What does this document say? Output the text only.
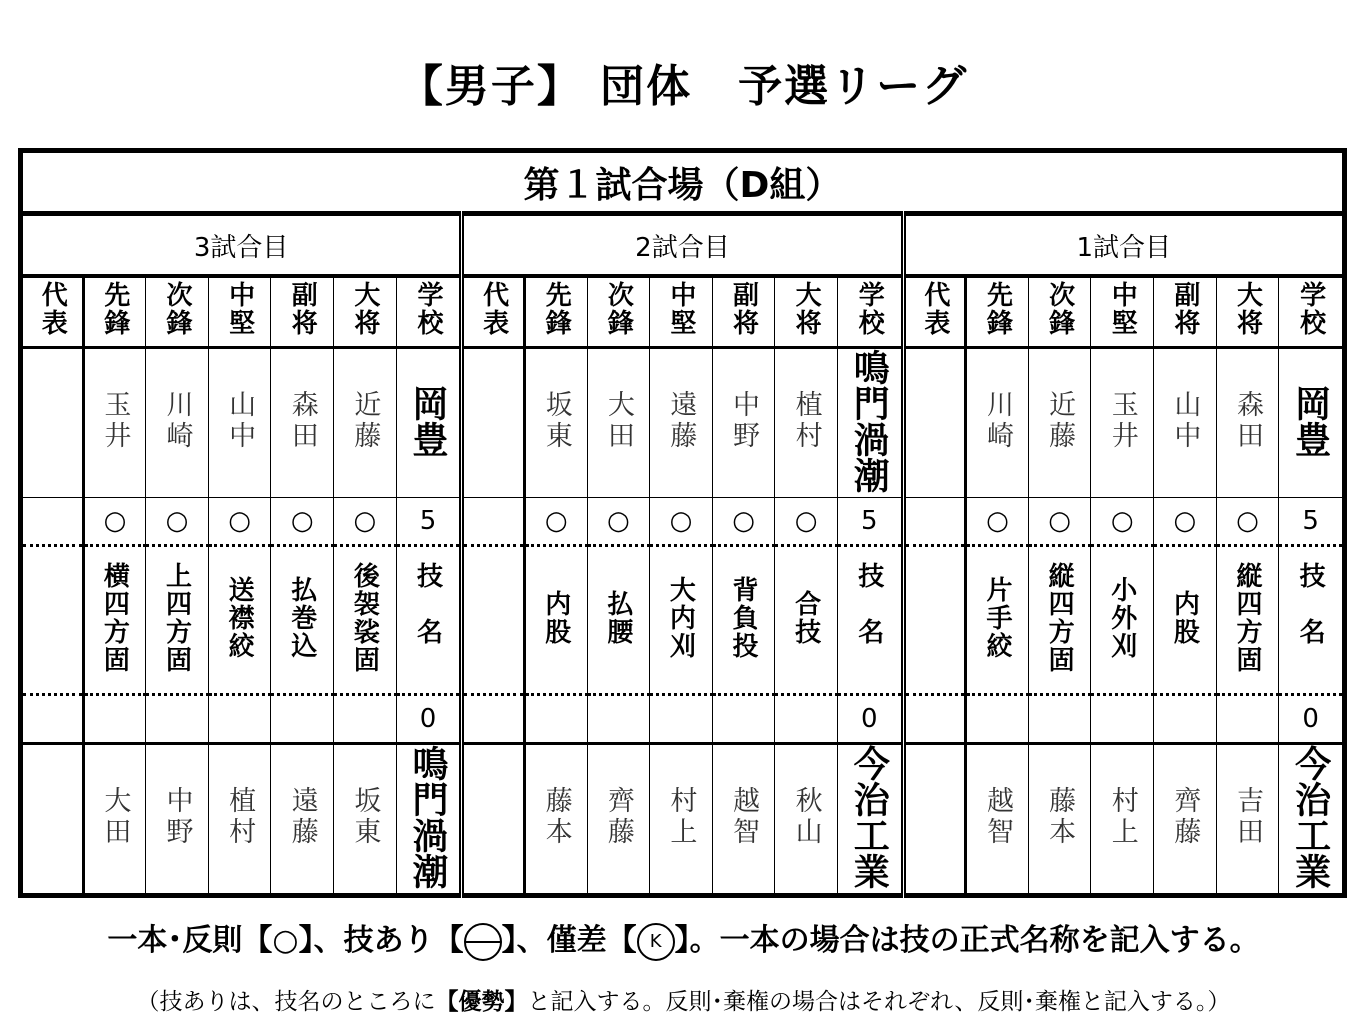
【男子】 団体　予選リーグ
第１試合場（D組）																				
3試合目							2試合目							1試合目						
代表	先鋒	次鋒	中堅	副将	大将	学校	代表	先鋒	次鋒	中堅	副将	大将	学校	代表	先鋒	次鋒	中堅	副将	大将	学校
	玉井	川崎	山中	森田	近藤	岡豊		坂東	大田	遠藤	中野	植村	鳴門渦潮		川崎	近藤	玉井	山中	森田	岡豊
	○	○	○	○	○	5		○	○	○	○	○	5		○	○	○	○	○	5
	横四方固	上四方固	送襟絞	払巻込	後袈裟固	技名		内股	払腰	大内刈	背負投	合技	技名		片手絞	縦四方固	小外刈	内股	縦四方固	技名
						0							0							0
	大田	中野	植村	遠藤	坂東	鳴門渦潮		藤本	齊藤	村上	越智	秋山	今治工業		越智	藤本	村上	齊藤	吉田	今治工業
一本･反則【○】、技あり【 】、僅差【 K 】。一本の場合は技の正式名称を記入する。
（技ありは、技名のところに【優勢】と記入する。反則･棄権の場合はそれぞれ、反則･棄権と記入する。）
